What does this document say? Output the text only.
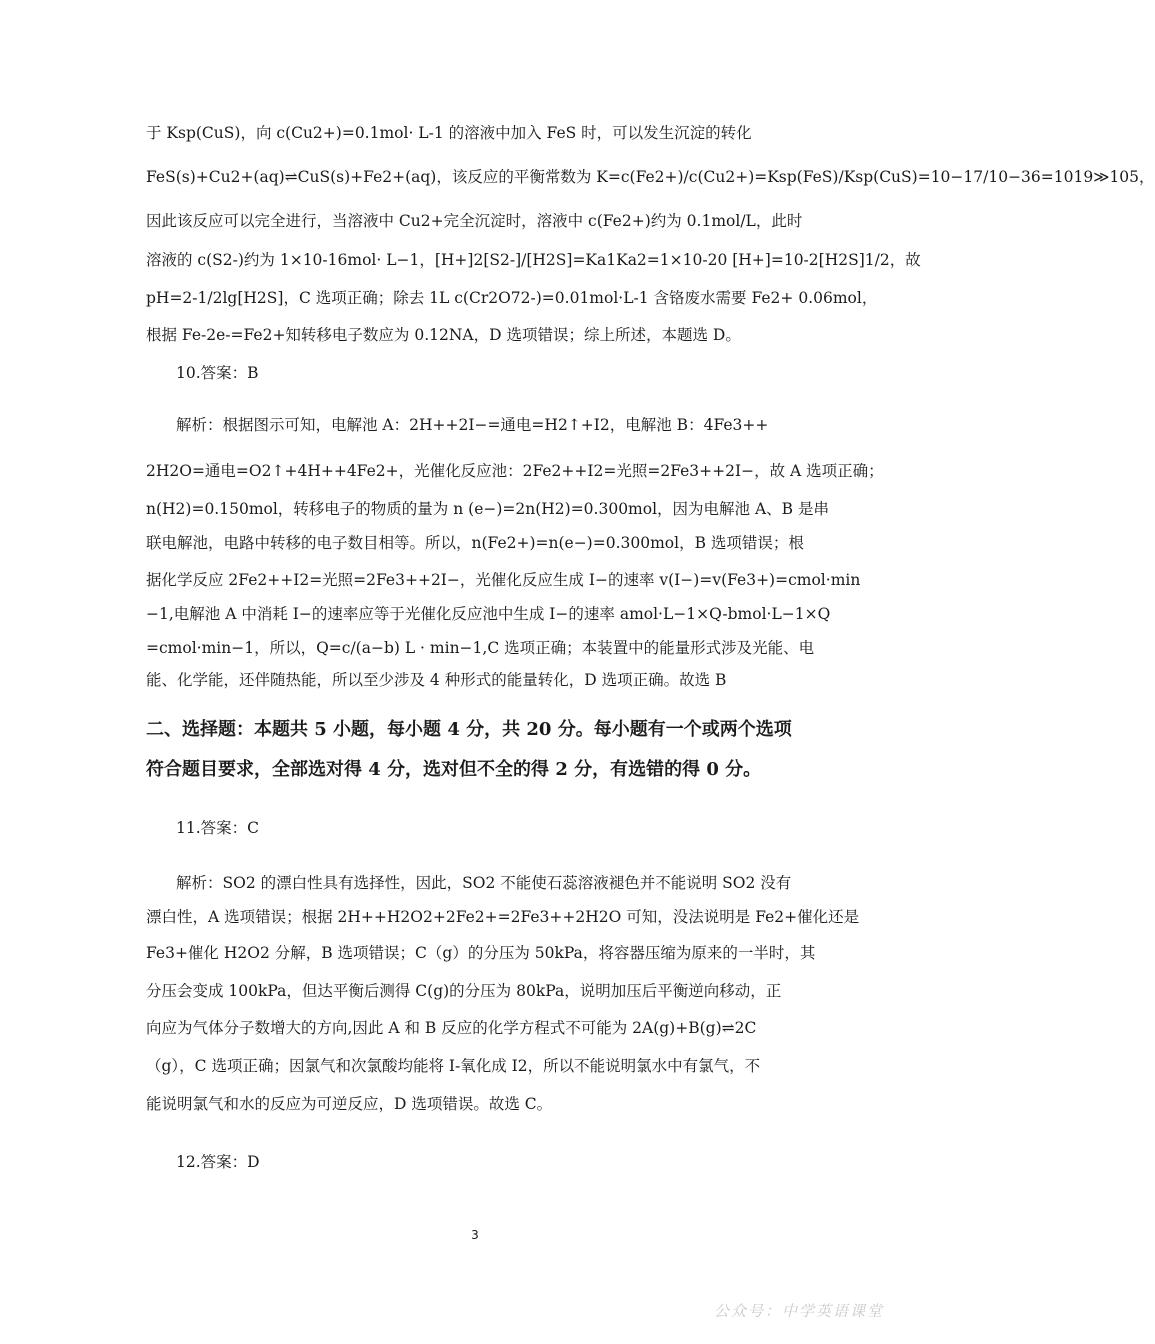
于 Ksp(CuS)，向 c(Cu2+)=0.1mol· L-1 的溶液中加入 FeS 时，可以发生沉淀的转化
FeS(s)+Cu2+(aq)⇌CuS(s)+Fe2+(aq)，该反应的平衡常数为 K=c(Fe2+)/c(Cu2+)=Ksp(FeS)/Ksp(CuS)=10−17/10−36=1019≫105，
因此该反应可以完全进行，当溶液中 Cu2+完全沉淀时，溶液中 c(Fe2+)约为 0.1mol/L，此时
溶液的 c(S2-)约为 1×10-16mol· L−1，[H+]2[S2-]/[H2S]=Ka1Ka2=1×10-20 [H+]=10-2[H2S]1/2，故
pH=2-1/2lg[H2S]，C 选项正确；除去 1L c(Cr2O72-)=0.01mol·L-1 含铬废水需要 Fe2+ 0.06mol，
根据 Fe-2e-=Fe2+知转移电子数应为 0.12NA，D 选项错误；综上所述，本题选 D。
10.答案：B
解析：根据图示可知，电解池 A：2H++2I−=通电=H2↑+I2，电解池 B：4Fe3++
2H2O=通电=O2↑+4H++4Fe2+，光催化反应池：2Fe2++I2=光照=2Fe3++2I−，故 A 选项正确；
n(H2)=0.150mol，转移电子的物质的量为 n (e−)=2n(H2)=0.300mol，因为电解池 A、B 是串
联电解池，电路中转移的电子数目相等。所以，n(Fe2+)=n(e−)=0.300mol，B 选项错误；根
据化学反应 2Fe2++I2=光照=2Fe3++2I−，光催化反应生成 I−的速率 v(I−)=v(Fe3+)=cmol·min
−1,电解池 A 中消耗 I−的速率应等于光催化反应池中生成 I−的速率 amol·L−1×Q-bmol·L−1×Q
=cmol·min−1，所以，Q=c/(a−b) L · min−1,C 选项正确；本装置中的能量形式涉及光能、电
能、化学能，还伴随热能，所以至少涉及 4 种形式的能量转化，D 选项正确。故选 B
11.答案：C
解析：SO2 的漂白性具有选择性，因此，SO2 不能使石蕊溶液褪色并不能说明 SO2 没有
漂白性，A 选项错误；根据 2H++H2O2+2Fe2+=2Fe3++2H2O 可知，没法说明是 Fe2+催化还是
Fe3+催化 H2O2 分解，B 选项错误；C（g）的分压为 50kPa，将容器压缩为原来的一半时，其
分压会变成 100kPa，但达平衡后测得 C(g)的分压为 80kPa，说明加压后平衡逆向移动，正
向应为气体分子数增大的方向,因此 A 和 B 反应的化学方程式不可能为 2A(g)+B(g)⇌2C
（g），C 选项正确；因氯气和次氯酸均能将 I-氧化成 I2，所以不能说明氯水中有氯气，不
能说明氯气和水的反应为可逆反应，D 选项错误。故选 C。
12.答案：D
二、选择题：本题共 5 小题，每小题 4 分，共 20 分。每小题有一个或两个选项
符合题目要求，全部选对得 4 分，选对但不全的得 2 分，有选错的得 0 分。
3
公众号：中学英语课堂
